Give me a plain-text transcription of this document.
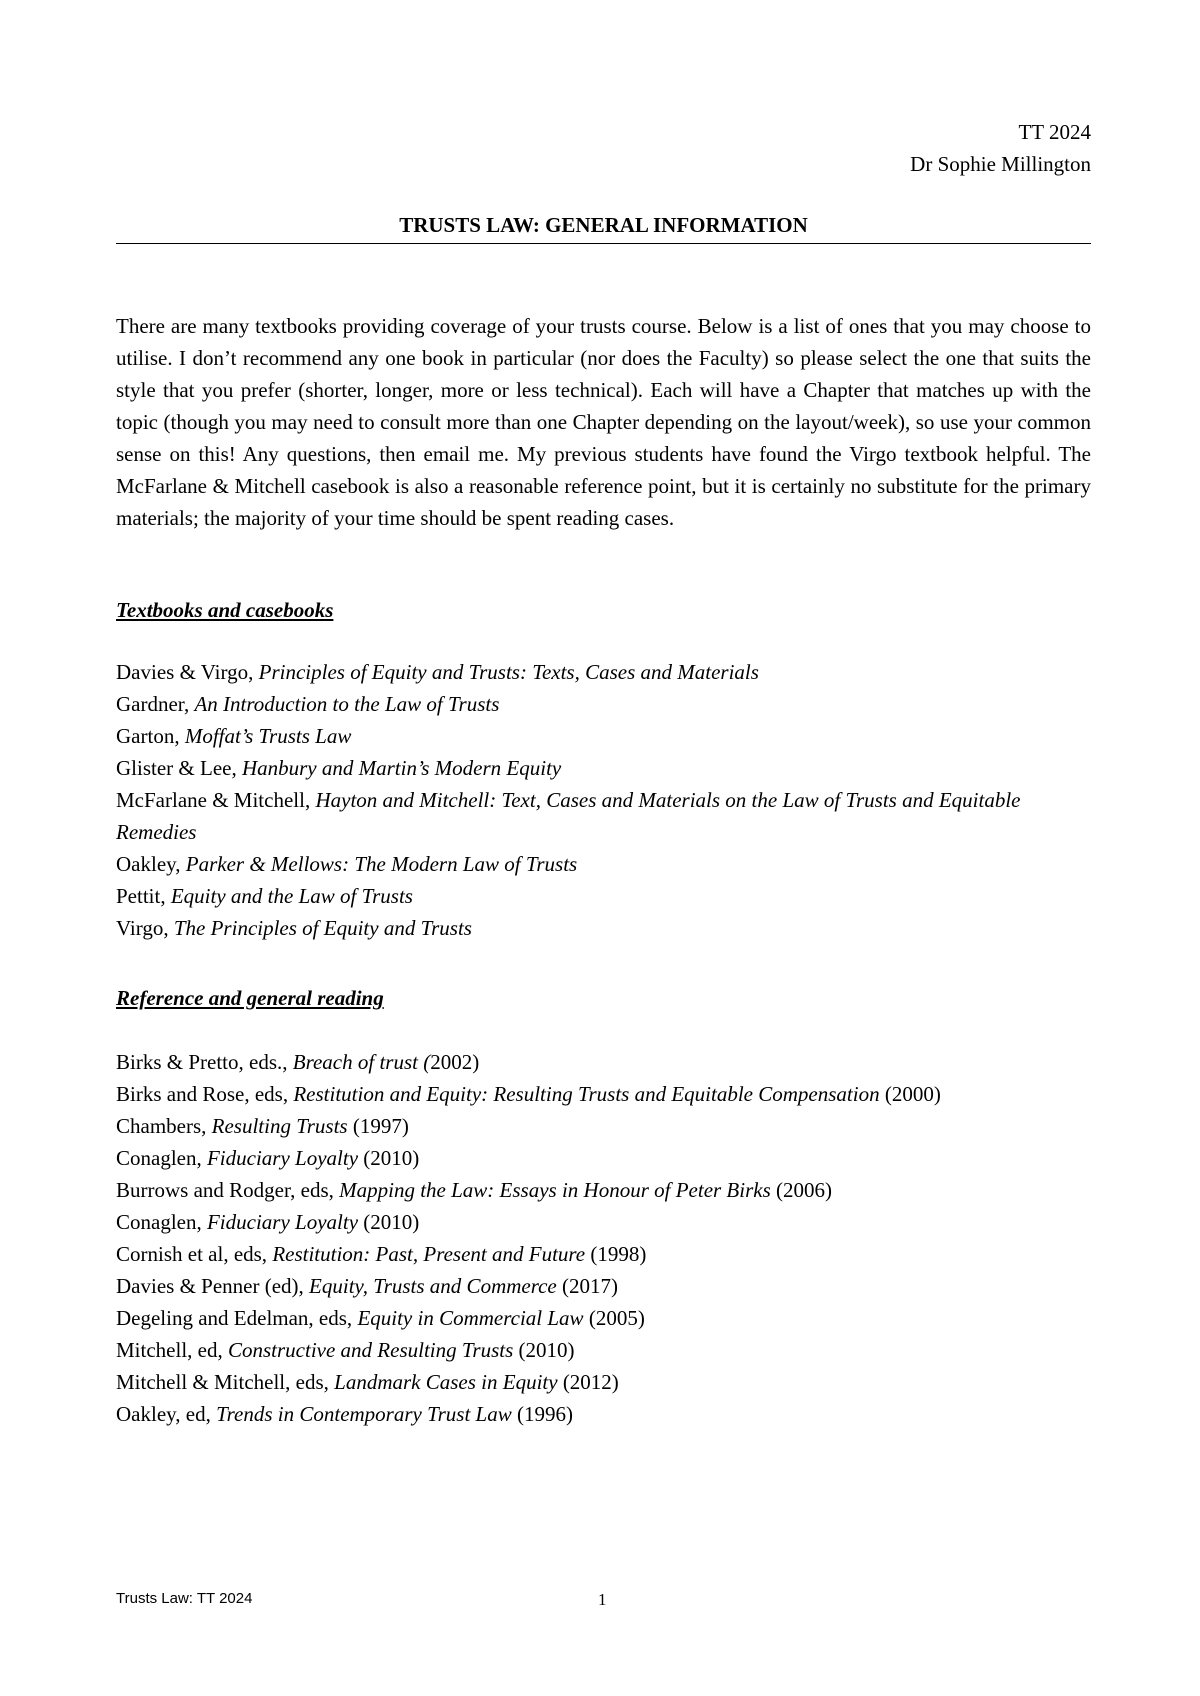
TT 2024
Dr Sophie Millington
TRUSTS LAW: GENERAL INFORMATION

There are many textbooks providing coverage of your trusts course. Below is a list of ones that you may choose to utilise. I don’t recommend any one book in particular (nor does the Faculty) so please select the one that suits the style that you prefer (shorter, longer, more or less technical). Each will have a Chapter that matches up with the topic (though you may need to consult more than one Chapter depending on the layout/week), so use your common sense on this! Any questions, then email me. My previous students have found the Virgo textbook helpful. The McFarlane & Mitchell casebook is also a reasonable reference point, but it is certainly no substitute for the primary materials; the majority of your time should be spent reading cases.

Textbooks and casebooks
Davies & Virgo, Principles of Equity and Trusts: Texts, Cases and Materials
Gardner, An Introduction to the Law of Trusts
Garton, Moffat’s Trusts Law
Glister & Lee, Hanbury and Martin’s Modern Equity
McFarlane & Mitchell, Hayton and Mitchell: Text, Cases and Materials on the Law of Trusts and Equitable Remedies
Oakley, Parker & Mellows: The Modern Law of Trusts
Pettit, Equity and the Law of Trusts
Virgo, The Principles of Equity and Trusts
Reference and general reading
Birks & Pretto, eds., Breach of trust (2002)
Birks and Rose, eds, Restitution and Equity: Resulting Trusts and Equitable Compensation (2000)
Chambers, Resulting Trusts (1997)
Conaglen, Fiduciary Loyalty (2010)
Burrows and Rodger, eds, Mapping the Law: Essays in Honour of Peter Birks (2006)
Conaglen, Fiduciary Loyalty (2010)
Cornish et al, eds, Restitution: Past, Present and Future (1998)
Davies & Penner (ed), Equity, Trusts and Commerce (2017)
Degeling and Edelman, eds, Equity in Commercial Law (2005)
Mitchell, ed, Constructive and Resulting Trusts (2010)
Mitchell & Mitchell, eds, Landmark Cases in Equity (2012)
Oakley, ed, Trends in Contemporary Trust Law (1996)
Trusts Law: TT 2024	1
